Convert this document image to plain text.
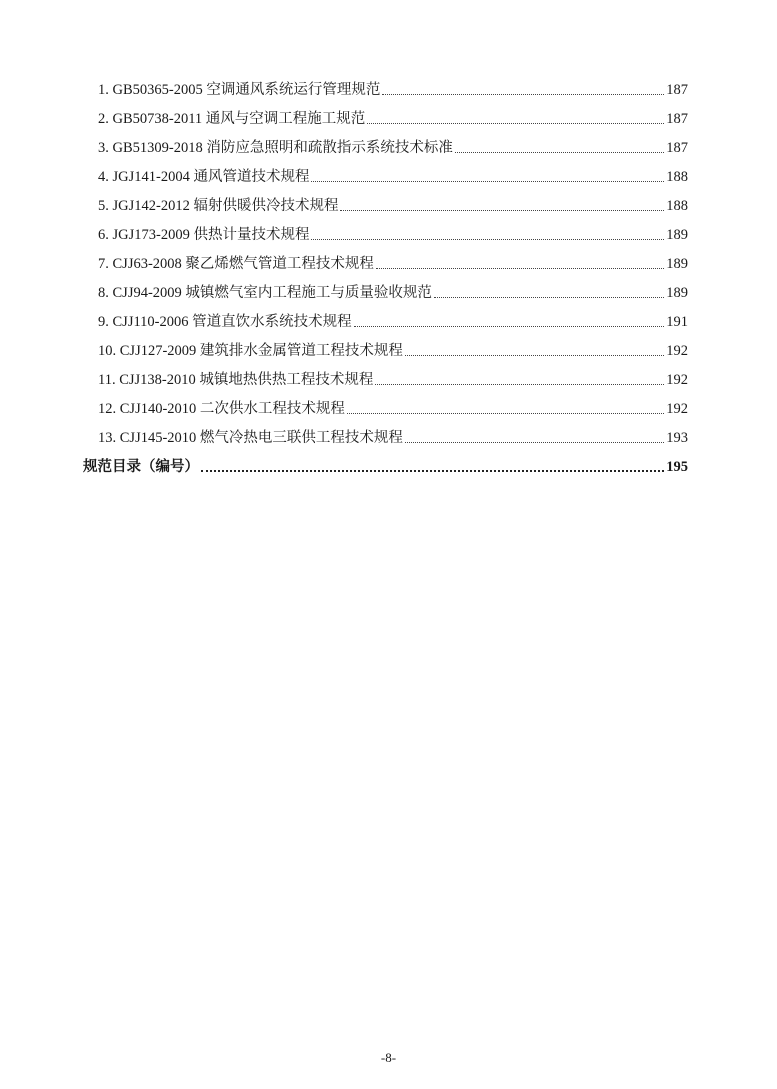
1. GB50365-2005 空调通风系统运行管理规范	187
2. GB50738-2011 通风与空调工程施工规范	187
3. GB51309-2018 消防应急照明和疏散指示系统技术标准	187
4. JGJ141-2004 通风管道技术规程	188
5. JGJ142-2012 辐射供暖供冷技术规程	188
6. JGJ173-2009 供热计量技术规程	189
7. CJJ63-2008 聚乙烯燃气管道工程技术规程	189
8. CJJ94-2009 城镇燃气室内工程施工与质量验收规范	189
9. CJJ110-2006 管道直饮水系统技术规程	191
10. CJJ127-2009 建筑排水金属管道工程技术规程	192
11. CJJ138-2010 城镇地热供热工程技术规程	192
12. CJJ140-2010 二次供水工程技术规程	192
13. CJJ145-2010 燃气冷热电三联供工程技术规程	193
规范目录（编号）	195
-8-
